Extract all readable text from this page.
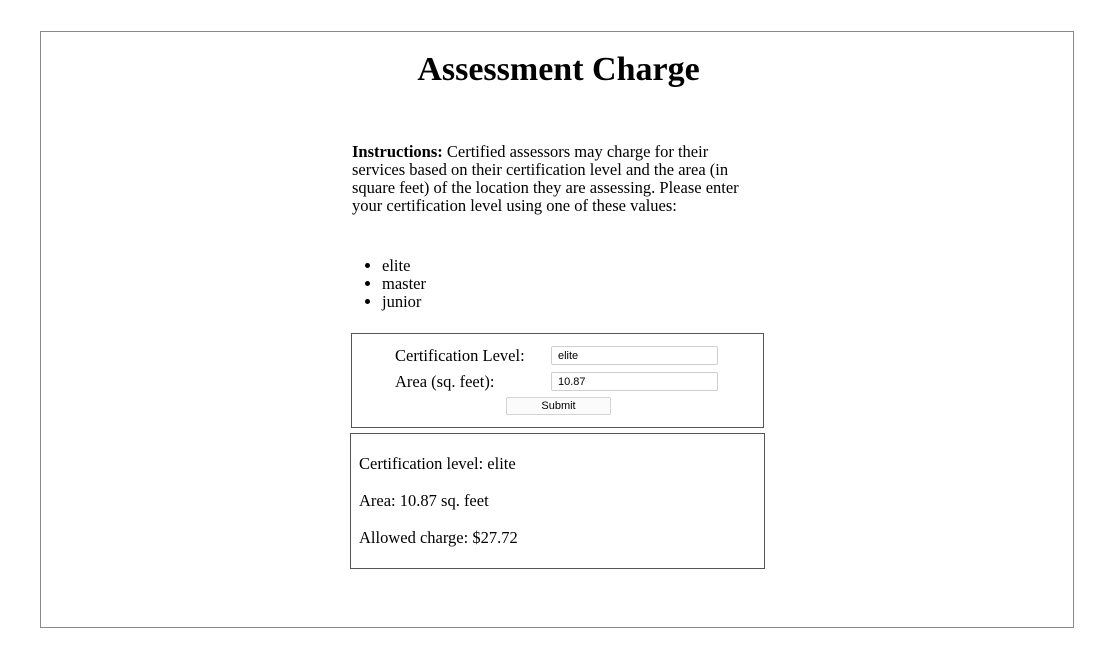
Assessment Charge

Instructions: Certified assessors may charge for their services based on their certification level and the area (in square feet) of the location they are assessing. Please enter your certification level using one of these values:

• elite
• master
• junior
Certification Level:
elite
Area (sq. feet):
10.87
Submit

Certification level: elite

Area: 10.87 sq. feet

Allowed charge: $27.72
